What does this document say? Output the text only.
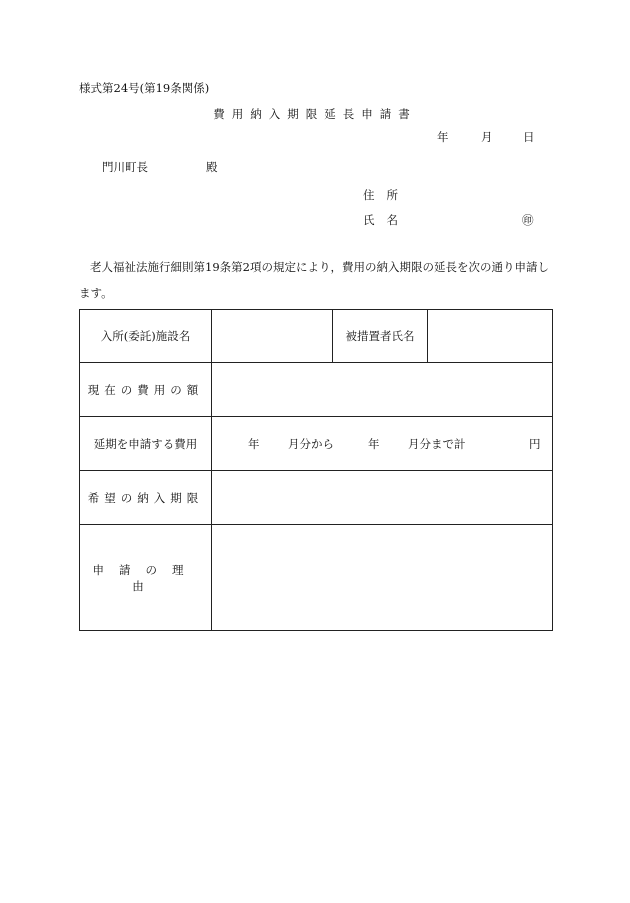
様式第24号(第19条関係)
費用納入期限延長申請書
年	月	日
門川町長	殿
住所
氏名	㊞
老人福祉法施行細則第19条第2項の規定により，費用の納入期限の延長を次の通り申請します。
入所(委託)施設名		被措置者氏名	
現在の費用の額			
延期を申請する費用	年 月分から 年 月分まで計 円		

希望の納入期限			
申請の理由			
